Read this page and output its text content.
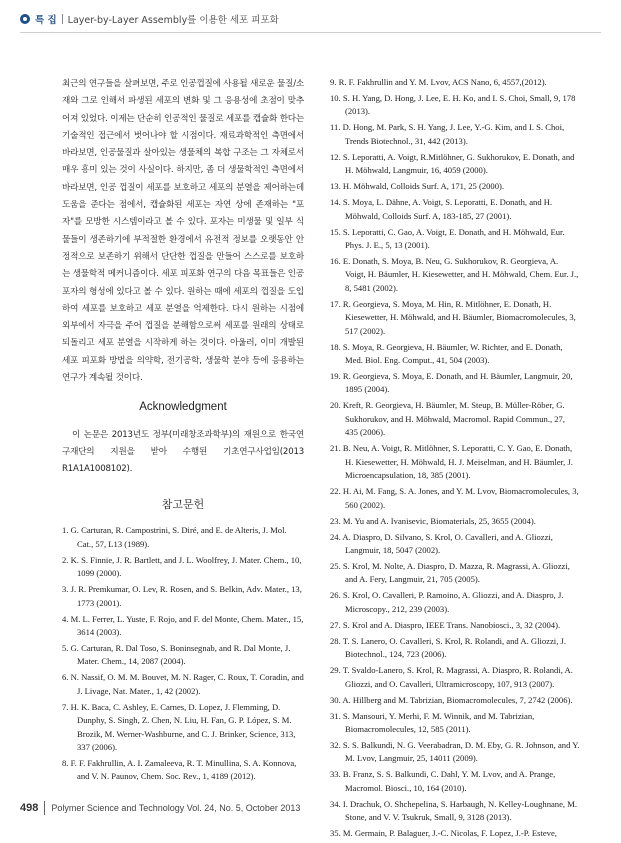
특 집 Layer-by-Layer Assembly를 이용한 세포 피포화

최근의 연구들을 살펴보면, 주로 인공껍질에 사용될 새로운 물질/소재와 그로 인해서 파생된 세포의 변화 및 그 응용성에 초점이 맞추어져 있었다. 이제는 단순히 인공적인 물질로 세포를 캡슐화 한다는 기술적인 접근에서 벗어나야 할 시점이다. 재료과학적인 측면에서 바라보면, 인공물질과 살아있는 생물체의 복합 구조는 그 자체로서 매우 흥미 있는 것이 사실이다. 하지만, 좀 더 생물학적인 측면에서 바라보면, 인공 껍질이 세포를 보호하고 세포의 분열을 제어하는데 도움을 준다는 점에서, 캡슐화된 세포는 자연 상에 존재하는 "포자"를 모방한 시스템이라고 볼 수 있다. 포자는 미생물 및 일부 식물들이 생존하기에 부적절한 환경에서 유전적 정보를 오랫동안 안정적으로 보존하기 위해서 단단한 껍질을 만들어 스스로를 보호하는 생물학적 메커니즘이다. 세포 피포화 연구의 다음 목표들은 인공포자의 형성에 있다고 볼 수 있다. 원하는 때에 세포의 껍질을 도입하여 세포를 보호하고 세포 분열을 억제한다. 다시 원하는 시점에 외부에서 자극을 주어 껍질을 분해함으로써 세포를 원래의 상태로 되돌리고 세포 분열을 시작하게 하는 것이다. 아울러, 이미 개발된 세포 피포화 방법을 의약학, 전기공학, 생물학 분야 등에 응용하는 연구가 계속될 것이다.

Acknowledgment

이 논문은 2013년도 정부(미래창조과학부)의 재원으로 한국연구재단의 지원을 받아 수행된 기초연구사업임(2013 R1A1A1008102).

참고문헌
1. G. Carturan, R. Campostrini, S. Diré, and E. de Alteris, J. Mol. Cat., 57, L13 (1989).
2. K. S. Finnie, J. R. Bartlett, and J. L. Woolfrey, J. Mater. Chem., 10, 1099 (2000).
3. J. R. Premkumar, O. Lev, R. Rosen, and S. Belkin, Adv. Mater., 13, 1773 (2001).
4. M. L. Ferrer, L. Yuste, F. Rojo, and F. del Monte, Chem. Mater., 15, 3614 (2003).
5. G. Carturan, R. Dal Toso, S. Boninsegnab, and R. Dal Monte, J. Mater. Chem., 14, 2087 (2004).
6. N. Nassif, O. M. M. Bouvet, M. N. Rager, C. Roux, T. Coradin, and J. Livage, Nat. Mater., 1, 42 (2002).
7. H. K. Baca, C. Ashley, E. Carnes, D. Lopez, J. Flemming, D. Dunphy, S. Singh, Z. Chen, N. Liu, H. Fan, G. P. López, S. M. Brozik, M. Werner-Washburne, and C. J. Brinker, Science, 313, 337 (2006).
8. F. F. Fakhrullin, A. I. Zamaleeva, R. T. Minullina, S. A. Konnova, and V. N. Paunov, Chem. Soc. Rev., 1, 4189 (2012).
9. R. F. Fakhrullin and Y. M. Lvov, ACS Nano, 6, 4557,(2012).
10. S. H. Yang, D. Hong, J. Lee, E. H. Ko, and I. S. Choi, Small, 9, 178 (2013).
11. D. Hong, M. Park, S. H. Yang, J. Lee, Y.-G. Kim, and I. S. Choi, Trends Biotechnol., 31, 442 (2013).
12. S. Leporatti, A. Voigt, R.Mitlöhner, G. Sukhorukov, E. Donath, and H. Möhwald, Langmuir, 16, 4059 (2000).
13. H. Möhwald, Colloids Surf. A, 171, 25 (2000).
14. S. Moya, L. Dähne, A. Voigt, S. Leporatti, E. Donath, and H. Möhwald, Colloids Surf. A, 183-185, 27 (2001).
15. S. Leporatti, C. Gao, A. Voigt, E. Donath, and H. Möhwald, Eur. Phys. J. E., 5, 13 (2001).
16. E. Donath, S. Moya, B. Neu, G. Sukhorukov, R. Georgieva, A. Voigt, H. Bäumler, H. Kiesewetter, and H. Möhwald, Chem. Eur. J., 8, 5481 (2002).
17. R. Georgieva, S. Moya, M. Hin, R. Mitlöhner, E. Donath, H. Kiesewetter, H. Möhwald, and H. Bäumler, Biomacromolecules, 3, 517 (2002).
18. S. Moya, R. Georgieva, H. Bäumler, W. Richter, and E. Donath, Med. Biol. Eng. Comput., 41, 504 (2003).
19. R. Georgieva, S. Moya, E. Donath, and H. Bäumler, Langmuir, 20, 1895 (2004).
20. Kreft, R. Georgieva, H. Bäumler, M. Steup, B. Müller-Röber, G. Sukhorukov, and H. Möhwald, Macromol. Rapid Commun., 27, 435 (2006).
21. B. Neu, A. Voigt, R. Mitlöhner, S. Leporatti, C. Y. Gao, E. Donath, H. Kiesewetter, H. Möhwald, H. J. Meiselman, and H. Bäumler, J. Microencapsulation, 18, 385 (2001).
22. H. Ai, M. Fang, S. A. Jones, and Y. M. Lvov, Biomacromolecules, 3, 560 (2002).
23. M. Yu and A. Ivanisevic, Biomaterials, 25, 3655 (2004).
24. A. Diaspro, D. Silvano, S. Krol, O. Cavalleri, and A. Gliozzi, Langmuir, 18, 5047 (2002).
25. S. Krol, M. Nolte, A. Diaspro, D. Mazza, R. Magrassi, A. Gliozzi, and A. Fery, Langmuir, 21, 705 (2005).
26. S. Krol, O. Cavalleri, P. Ramoino, A. Gliozzi, and A. Diaspro, J. Microscopy., 212, 239 (2003).
27. S. Krol and A. Diaspro, IEEE Trans. Nanobiosci., 3, 32 (2004).
28. T. S. Lanero, O. Cavalleri, S. Krol, R. Rolandi, and A. Gliozzi, J. Biotechnol., 124, 723 (2006).
29. T. Svaldo-Lanero, S. Krol, R. Magrassi, A. Diaspro, R. Rolandi, A. Gliozzi, and O. Cavalleri, Ultramicroscopy, 107, 913 (2007).
30. A. Hillberg and M. Tabrizian, Biomacromolecules, 7, 2742 (2006).
31. S. Mansouri, Y. Merhi, F. M. Winnik, and M. Tabrizian, Biomacromolecules, 12, 585 (2011).
32. S. S. Balkundi, N. G. Veerabadran, D. M. Eby, G. R. Johnson, and Y. M. Lvov, Langmuir, 25, 14011 (2009).
33. B. Franz, S. S. Balkundi, C. Dahl, Y. M. Lvov, and A. Prange, Macromol. Biosci., 10, 164 (2010).
34. I. Drachuk, O. Shchepelina, S. Harbaugh, N. Kelley-Loughnane, M. Stone, and V. V. Tsukruk, Small, 9, 3128 (2013).
35. M. Germain, P. Balaguer, J.-C. Nicolas, F. Lopez, J.-P. Esteve,
498 Polymer Science and Technology Vol. 24, No. 5, October 2013
